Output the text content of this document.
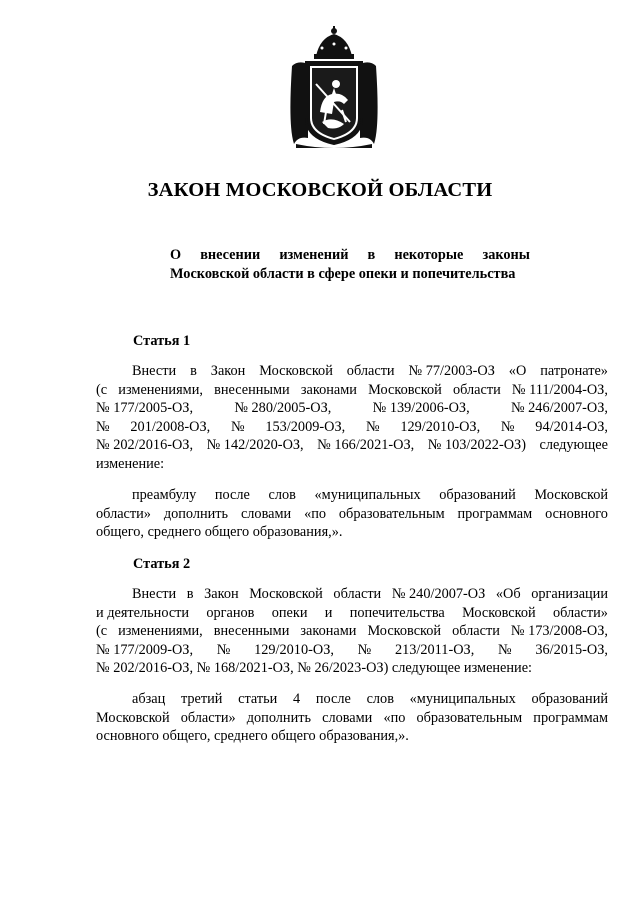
ЗАКОН МОСКОВСКОЙ ОБЛАСТИ
О внесении изменений в некоторые законы
Московской области в сфере опеки и попечительства
Статья 1
Внести в Закон Московской области № 77/2003-ОЗ «О патронате»
(с изменениями, внесенными законами Московской области № 111/2004-ОЗ,
№ 177/2005-ОЗ,	№ 280/2005-ОЗ,	№ 139/2006-ОЗ,	№ 246/2007-ОЗ,
№ 201/2008-ОЗ, № 153/2009-ОЗ, № 129/2010-ОЗ, № 94/2014-ОЗ,
№ 202/2016-ОЗ, № 142/2020-ОЗ, № 166/2021-ОЗ, № 103/2022-ОЗ) следующее
изменение:
преамбулу после слов «муниципальных образований Московской
области» дополнить словами «по образовательным программам основного
общего, среднего общего образования,».
Статья 2
Внести в Закон Московской области № 240/2007-ОЗ «Об организации
и деятельности органов опеки и попечительства Московской области»
(с изменениями, внесенными законами Московской области № 173/2008-ОЗ,
№ 177/2009-ОЗ, № 129/2010-ОЗ, № 213/2011-ОЗ, № 36/2015-ОЗ,
№ 202/2016-ОЗ, № 168/2021-ОЗ, № 26/2023-ОЗ) следующее изменение:
абзац третий статьи 4 после слов «муниципальных образований
Московской области» дополнить словами «по образовательным программам
основного общего, среднего общего образования,».
